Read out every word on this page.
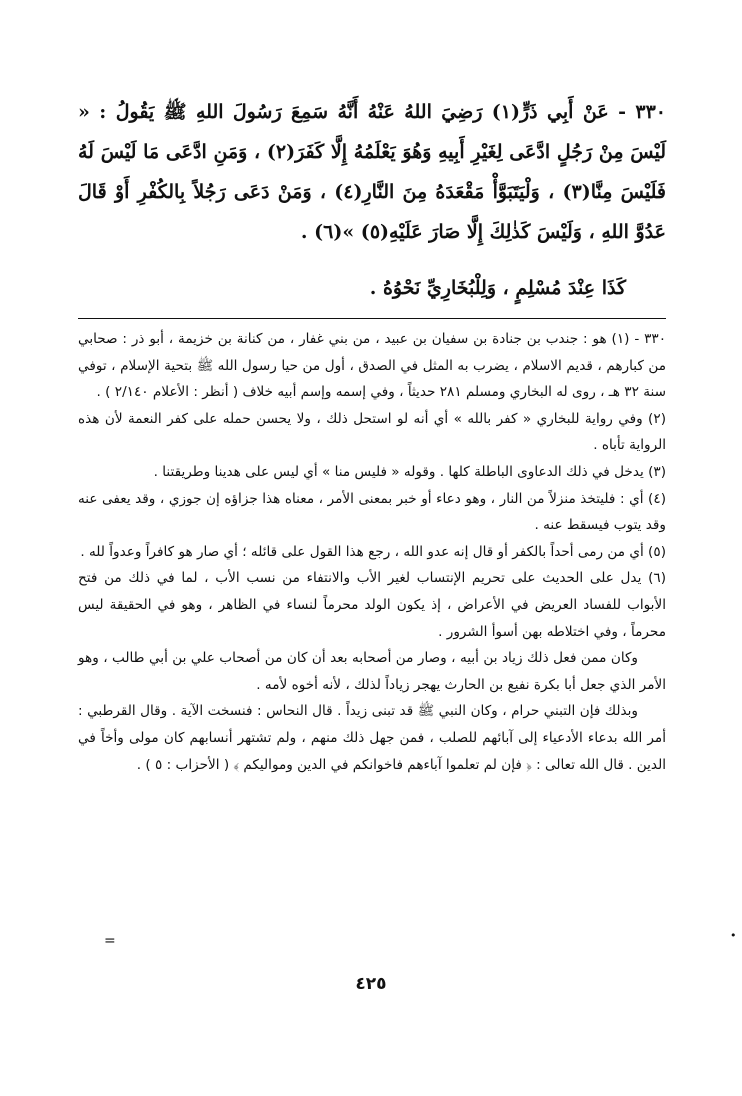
٣٣٠ - عَنْ أَبِي ذَرٍّ(١) رَضِيَ اللهُ عَنْهُ أَنَّهُ سَمِعَ رَسُولَ اللهِ ﷺ يَقُولُ : « لَيْسَ مِنْ رَجُلٍ ادَّعَى لِغَيْرِ أَبِيهِ وَهُوَ يَعْلَمُهُ إِلَّا كَفَرَ(٢) ، وَمَنِ ادَّعَى مَا لَيْسَ لَهُ فَلَيْسَ مِنَّا(٣) ، وَلْيَتَبَوَّأْ مَقْعَدَهُ مِنَ النَّارِ(٤) ، وَمَنْ دَعَى رَجُلاً بِالكُفْرِ أَوْ قَالَ عَدُوَّ اللهِ ، وَلَيْسَ كَذٰلِكَ إِلَّا صَارَ عَلَيْهِ(٥) »(٦) .

كَذَا عِنْدَ مُسْلِمٍ ، وَلِلْبُخَارِيِّ نَحْوُهُ .

٣٣٠ - (١) هو : جندب بن جنادة بن سفيان بن عبيد ، من بني غفار ، من كنانة بن خزيمة ، أبو ذر : صحابي من كبارهم ، قديم الاسلام ، يضرب به المثل في الصدق ، أول من حيا رسول الله ﷺ بتحية الإسلام ، توفي سنة ٣٢ هـ ، روى له البخاري ومسلم ٢٨١ حديثاً ، وفي إسمه وإسم أبيه خلاف ( أنظر : الأعلام ٢/١٤٠ ) .

(٢) وفي رواية للبخاري « كفر بالله » أي أنه لو استحل ذلك ، ولا يحسن حمله على كفر النعمة لأن هذه الرواية تأباه .

(٣) يدخل في ذلك الدعاوى الباطلة كلها . وقوله « فليس منا » أي ليس على هدينا وطريقتنا .

(٤) أي : فليتخذ منزلاً من النار ، وهو دعاء أو خبر بمعنى الأمر ، معناه هذا جزاؤه إن جوزي ، وقد يعفى عنه وقد يتوب فيسقط عنه .

(٥) أي من رمى أحداً بالكفر أو قال إنه عدو الله ، رجع هذا القول على قائله ؛ أي صار هو كافراً وعدواً لله .

(٦) يدل على الحديث على تحريم الإنتساب لغير الأب والانتفاء من نسب الأب ، لما في ذلك من فتح الأبواب للفساد العريض في الأعراض ، إذ يكون الولد محرماً لنساء في الظاهر ، وهو في الحقيقة ليس محرماً ، وفي اختلاطه بهن أسوأ الشرور .

وكان ممن فعل ذلك زياد بن أبيه ، وصار من أصحابه بعد أن كان من أصحاب علي بن أبي طالب ، وهو الأمر الذي جعل أبا بكرة نفيع بن الحارث يهجر زياداً لذلك ، لأنه أخوه لأمه .

وبذلك فإن التبني حرام ، وكان النبي ﷺ قد تبنى زيداً . قال النحاس : فنسخت الآية . وقال القرطبي : أمر الله بدعاء الأدعياء إلى آبائهم للصلب ، فمن جهل ذلك منهم ، ولم تشتهر أنسابهم كان مولى وأخاً في الدين . قال الله تعالى : ﴿ فإن لم تعلموا آباءهم فاخوانكم في الدين ومواليكم ﴾ ( الأحزاب : ٥ ) .

=	•
٤٢٥
